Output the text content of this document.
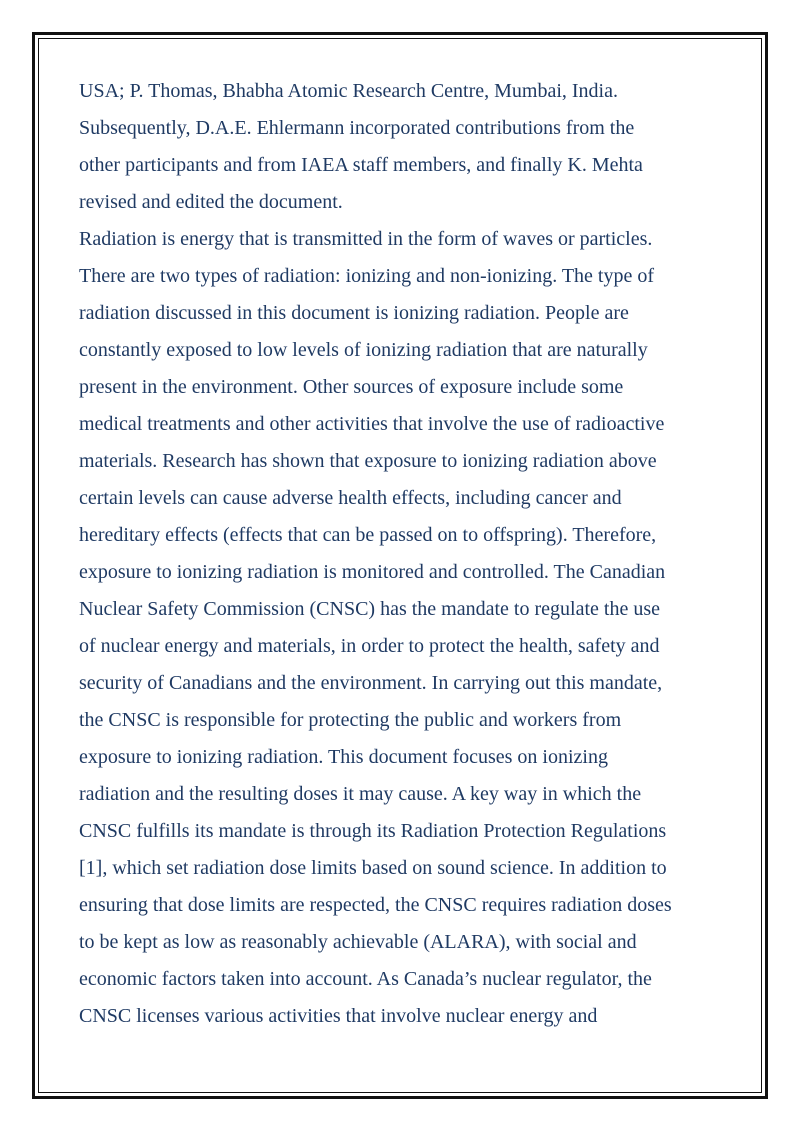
USA; P. Thomas, Bhabha Atomic Research Centre, Mumbai, India.
Subsequently, D.A.E. Ehlermann incorporated contributions from the
other participants and from IAEA staff members, and finally K. Mehta
revised and edited the document.
Radiation is energy that is transmitted in the form of waves or particles.
There are two types of radiation: ionizing and non-ionizing. The type of
radiation discussed in this document is ionizing radiation. People are
constantly exposed to low levels of ionizing radiation that are naturally
present in the environment. Other sources of exposure include some
medical treatments and other activities that involve the use of radioactive
materials. Research has shown that exposure to ionizing radiation above
certain levels can cause adverse health effects, including cancer and
hereditary effects (effects that can be passed on to offspring). Therefore,
exposure to ionizing radiation is monitored and controlled. The Canadian
Nuclear Safety Commission (CNSC) has the mandate to regulate the use
of nuclear energy and materials, in order to protect the health, safety and
security of Canadians and the environment. In carrying out this mandate,
the CNSC is responsible for protecting the public and workers from
exposure to ionizing radiation. This document focuses on ionizing
radiation and the resulting doses it may cause. A key way in which the
CNSC fulfills its mandate is through its Radiation Protection Regulations
[1], which set radiation dose limits based on sound science. In addition to
ensuring that dose limits are respected, the CNSC requires radiation doses
to be kept as low as reasonably achievable (ALARA), with social and
economic factors taken into account. As Canada’s nuclear regulator, the
CNSC licenses various activities that involve nuclear energy and
